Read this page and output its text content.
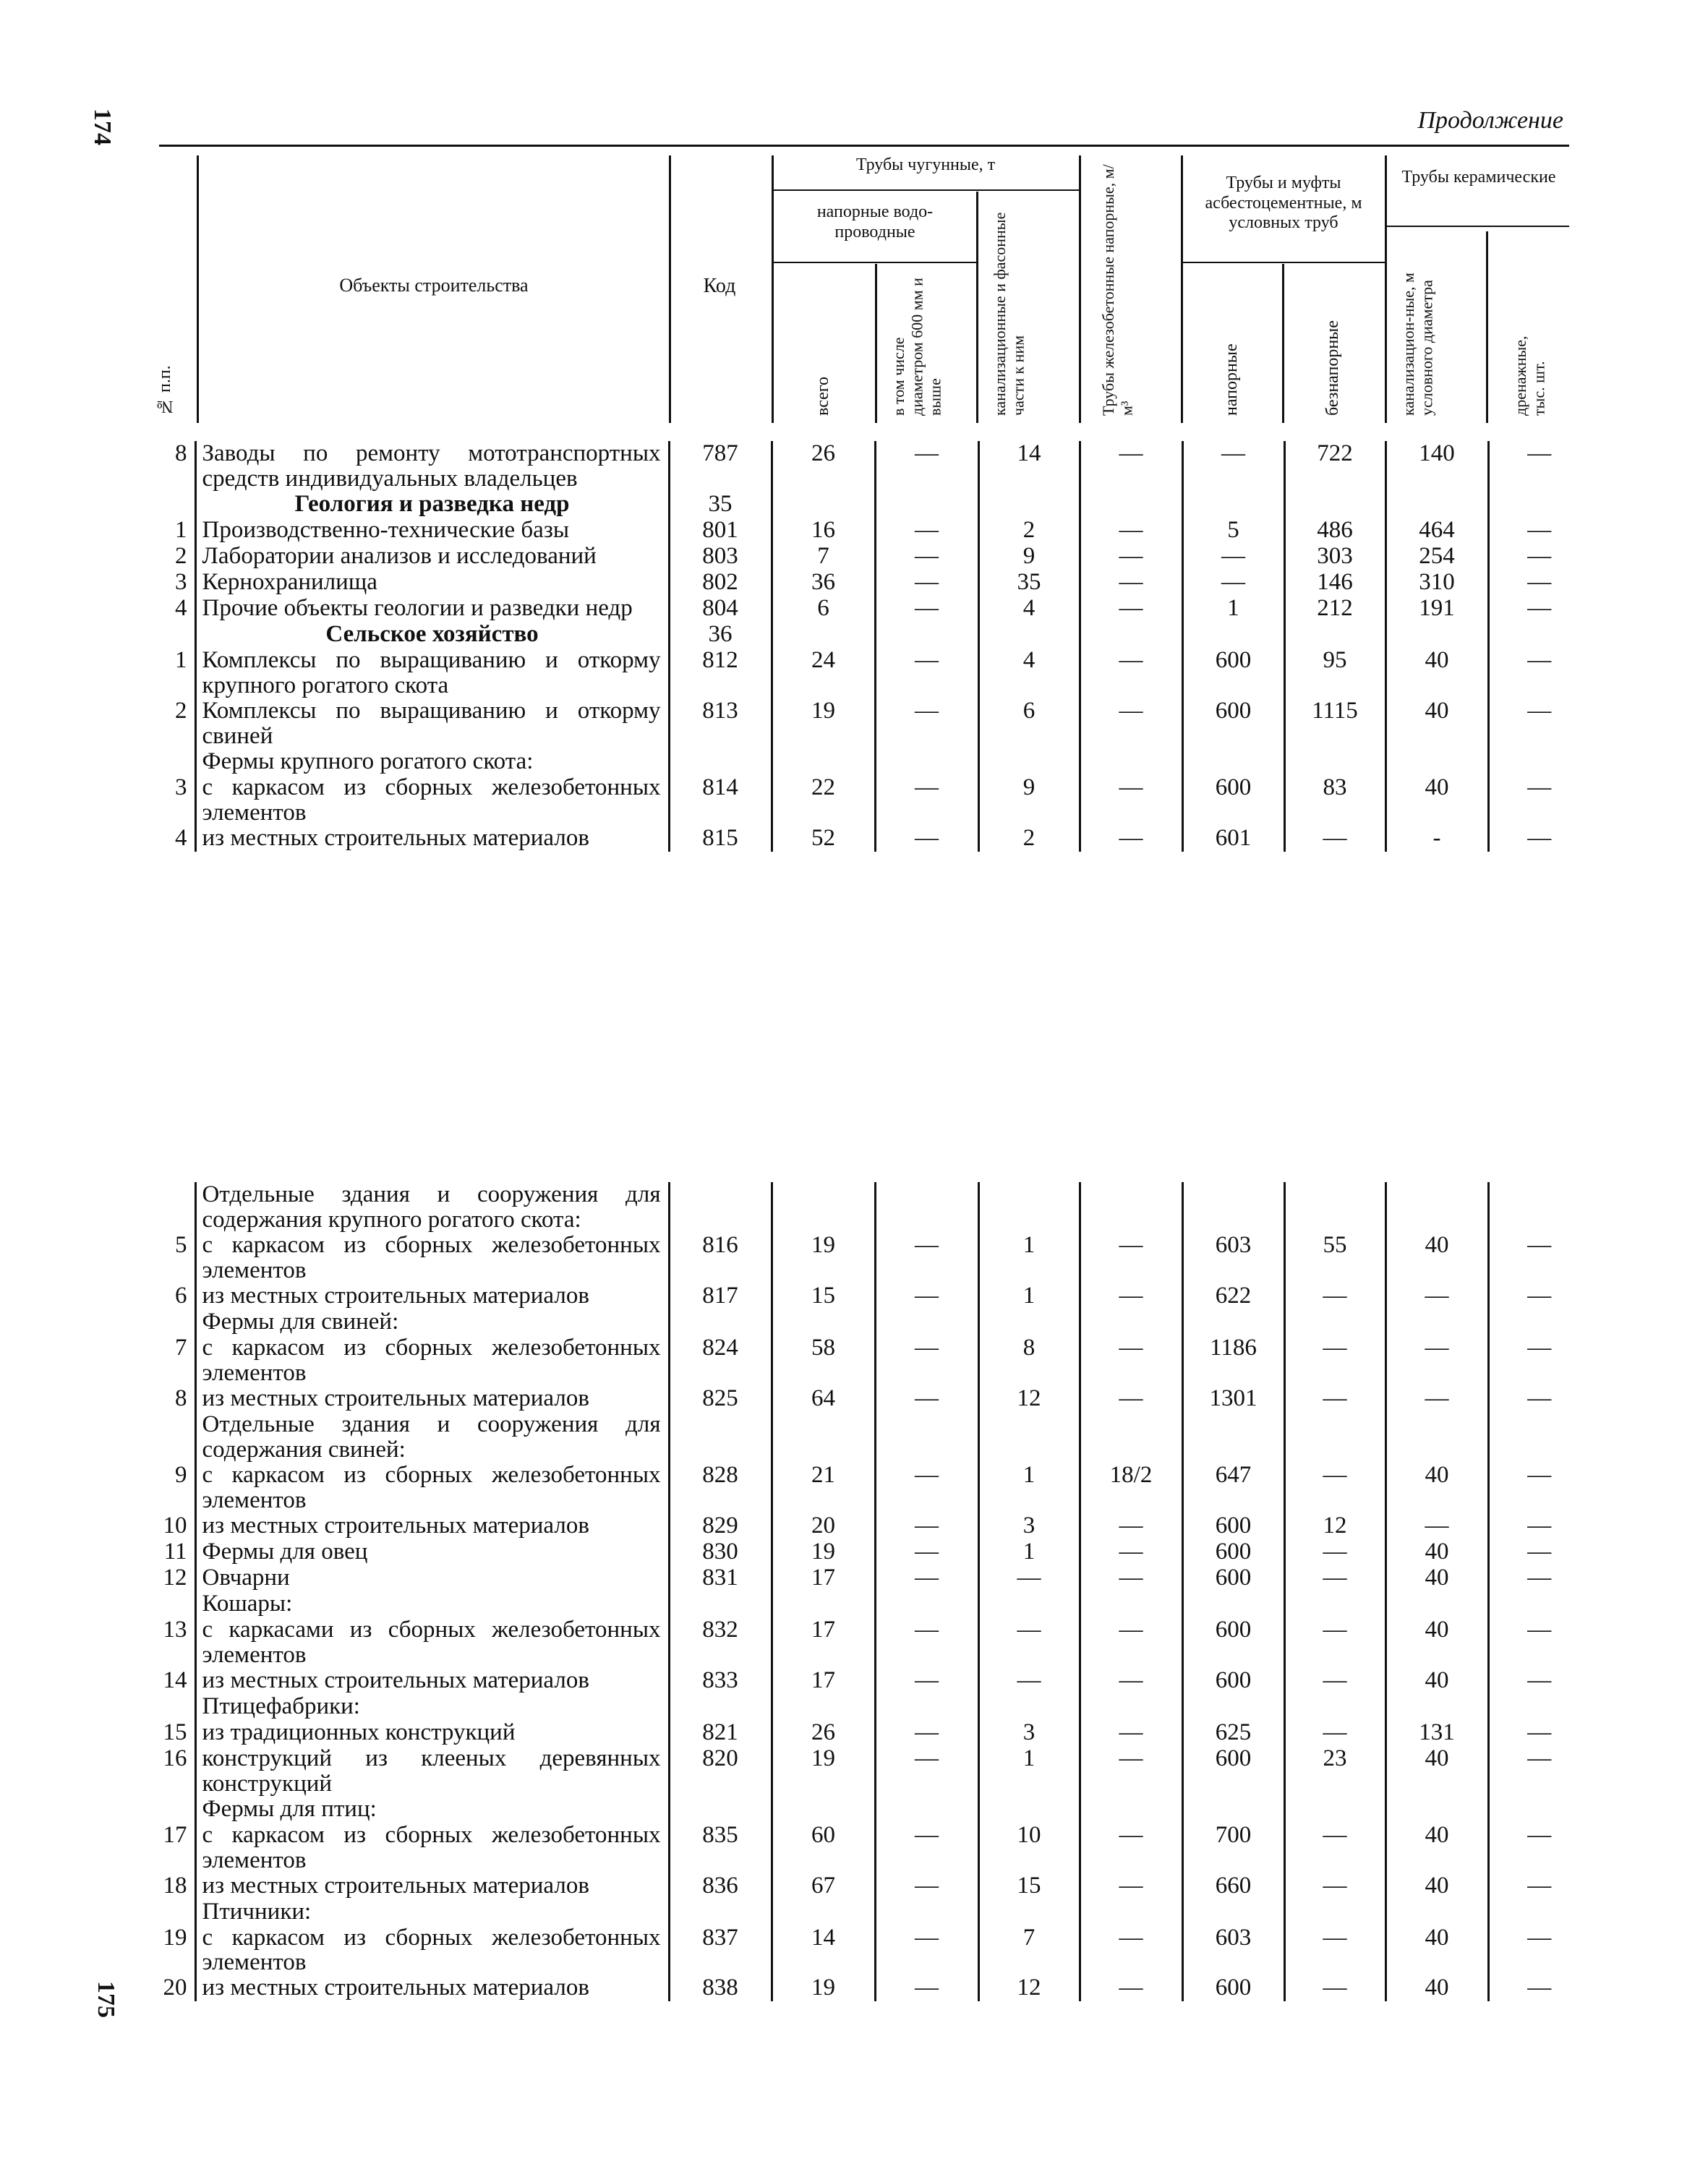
174	Продолжение
№ п.п.
Объекты строительства	Код
Трубы чугунные, т
напорные водо-проводные
всего	в том числе диаметром 600 мм и выше	канализационные и фасонные части к ним	Трубы железобетонные напорные, м/м³
Трубы и муфты асбестоцементные, м условных труб
напорные	безнапорные
Трубы керамические
канализацион-ные, м условного диаметра	дренажные, тыс. шт.
8	Заводы по ремонту мототранспортных средств индивидуальных владельцев	787	26	—	14	—	—	722	140	—
	Геология и разведка недр	35								
1	Производственно-технические базы	801	16	—	2	—	5	486	464	—
2	Лаборатории анализов и исследований	803	7	—	9	—	—	303	254	—
3	Кернохранилища	802	36	—	35	—	—	146	310	—
4	Прочие объекты геологии и разведки недр	804	6	—	4	—	1	212	191	—
	Сельское хозяйство	36								
1	Комплексы по выращиванию и откорму крупного рогатого скота	812	24	—	4	—	600	95	40	—
2	Комплексы по выращиванию и откорму свиней	813	19	—	6	—	600	1115	40	—
	Фермы крупного рогатого скота:									
3	с каркасом из сборных железобетонных элементов	814	22	—	9	—	600	83	40	—
4	из местных строительных материалов	815	52	—	2	—	601	—	-	—
	Отдельные здания и сооружения для содержания крупного рогатого скота:									
5	с каркасом из сборных железобетонных элементов	816	19	—	1	—	603	55	40	—
6	из местных строительных материалов	817	15	—	1	—	622	—	—	—
	Фермы для свиней:									
7	с каркасом из сборных железобетонных элементов	824	58	—	8	—	1186	—	—	—
8	из местных строительных материалов	825	64	—	12	—	1301	—	—	—
	Отдельные здания и сооружения для содержания свиней:									
9	с каркасом из сборных железобетонных элементов	828	21	—	1	18/2	647	—	40	—
10	из местных строительных материалов	829	20	—	3	—	600	12	—	—
11	Фермы для овец	830	19	—	1	—	600	—	40	—
12	Овчарни	831	17	—	—	—	600	—	40	—
	Кошары:									
13	с каркасами из сборных железобетонных элементов	832	17	—	—	—	600	—	40	—
14	из местных строительных материалов	833	17	—	—	—	600	—	40	—
	Птицефабрики:									
15	из традиционных конструкций	821	26	—	3	—	625	—	131	—
16	конструкций из клееных деревянных конструкций	820	19	—	1	—	600	23	40	—
	Фермы для птиц:									
17	с каркасом из сборных железобетонных элементов	835	60	—	10	—	700	—	40	—
18	из местных строительных материалов	836	67	—	15	—	660	—	40	—
	Птичники:									
19	с каркасом из сборных железобетонных элементов	837	14	—	7	—	603	—	40	—
20	из местных строительных материалов	838	19	—	12	—	600	—	40	—
175
